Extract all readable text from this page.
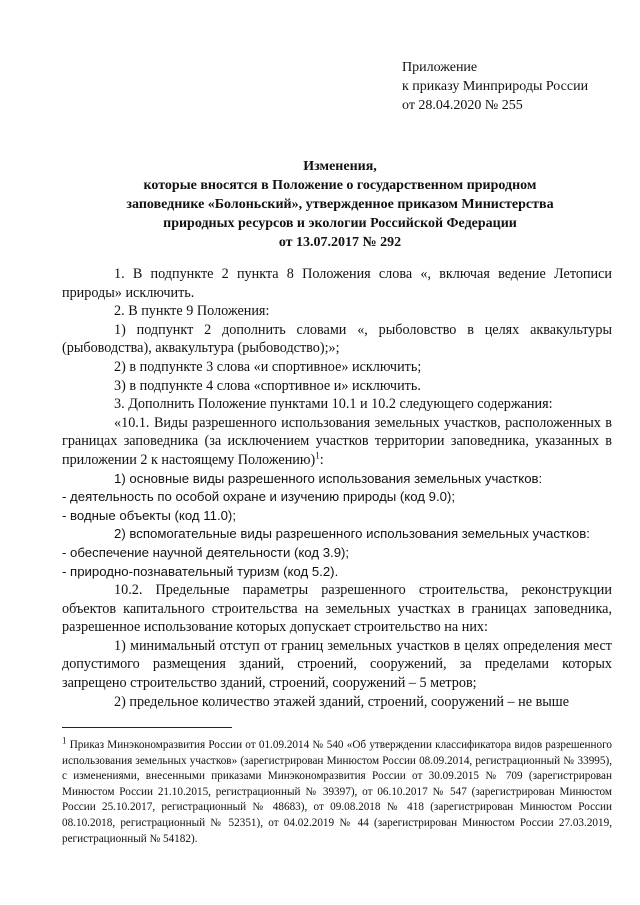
Приложение
к приказу Минприроды России
от 28.04.2020 № 255
Изменения,
которые вносятся в Положение о государственном природном
заповеднике «Болоньский», утвержденное приказом Министерства
природных ресурсов и экологии Российской Федерации
от 13.07.2017 № 292

1. В подпункте 2 пункта 8 Положения слова «, включая ведение Летописи природы» исключить.

2. В пункте 9 Положения:

1) подпункт 2 дополнить словами «, рыболовство в целях аквакультуры (рыбоводства), аквакультура (рыбоводство);»;

2) в подпункте 3 слова «и спортивное» исключить;

3) в подпункте 4 слова «спортивное и» исключить.

3. Дополнить Положение пунктами 10.1 и 10.2 следующего содержания:

«10.1. Виды разрешенного использования земельных участков, расположенных в границах заповедника (за исключением участков территории заповедника, указанных в приложении 2 к настоящему Положению)$^1$:

1) основные виды разрешенного использования земельных участков:

- деятельность по особой охране и изучению природы (код 9.0);

- водные объекты (код 11.0);

2) вспомогательные виды разрешенного использования земельных участков:

- обеспечение научной деятельности (код 3.9);

- природно-познавательный туризм (код 5.2).

10.2. Предельные параметры разрешенного строительства, реконструкции объектов капитального строительства на земельных участках в границах заповедника, разрешенное использование которых допускает строительство на них:

1) минимальный отступ от границ земельных участков в целях определения мест допустимого размещения зданий, строений, сооружений, за пределами которых запрещено строительство зданий, строений, сооружений – 5 метров;

2) предельное количество этажей зданий, строений, сооружений – не выше

$^1$ Приказ Минэкономразвития России от 01.09.2014 № 540 «Об утверждении классификатора видов разрешенного использования земельных участков» (зарегистрирован Минюстом России 08.09.2014, регистрационный № 33995), с изменениями, внесенными приказами Минэкономразвития России от 30.09.2015 № 709 (зарегистрирован Минюстом России 21.10.2015, регистрационный № 39397), от 06.10.2017 № 547 (зарегистрирован Минюстом России 25.10.2017, регистрационный № 48683), от 09.08.2018 № 418 (зарегистрирован Минюстом России 08.10.2018, регистрационный № 52351), от 04.02.2019 № 44 (зарегистрирован Минюстом России 27.03.2019, регистрационный № 54182).
